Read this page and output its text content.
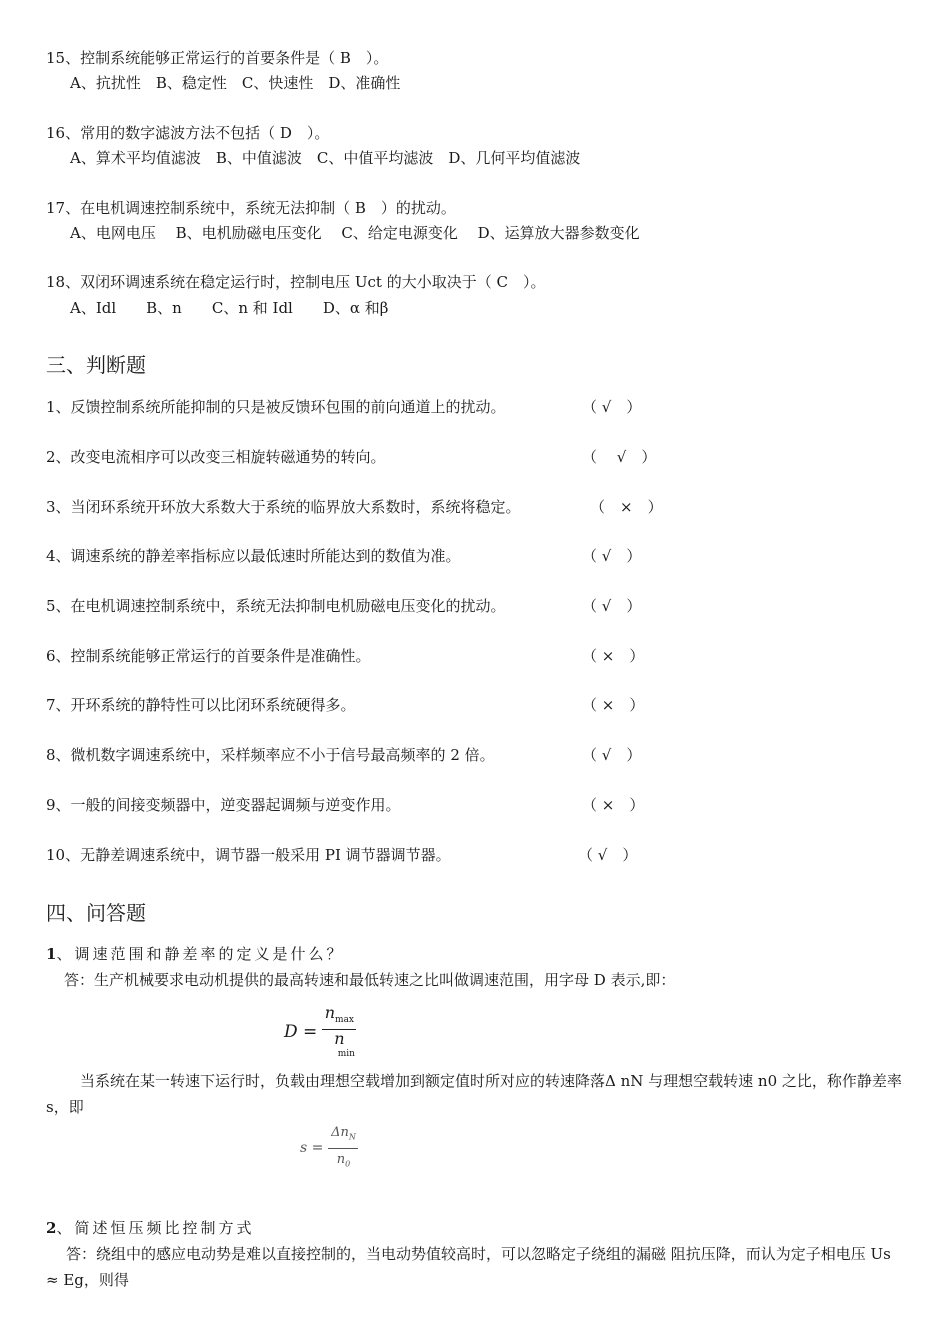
15、控制系统能够正常运行的首要条件是（ B　）。
A、抗扰性　B、稳定性　C、快速性　D、准确性
16、常用的数字滤波方法不包括（ D　）。
A、算术平均值滤波　B、中值滤波　C、中值平均滤波　D、几何平均值滤波
17、在电机调速控制系统中，系统无法抑制（ B　）的扰动。
A、电网电压　 B、电机励磁电压变化　 C、给定电源变化　 D、运算放大器参数变化
18、双闭环调速系统在稳定运行时，控制电压 Uct 的大小取决于（ C　）。
A、Idl　　B、n　　C、n 和 Idl　　D、α 和β
三、判断题
1、反馈控制系统所能抑制的只是被反馈环包围的前向通道上的扰动。	（ √　）
2、改变电流相序可以改变三相旋转磁通势的转向。	（　 √　）
3、当闭环系统开环放大系数大于系统的临界放大系数时，系统将稳定。	（　×　）
4、调速系统的静差率指标应以最低速时所能达到的数值为准。	（ √　）
5、在电机调速控制系统中，系统无法抑制电机励磁电压变化的扰动。	（ √　）
6、控制系统能够正常运行的首要条件是准确性。	（ ×　）
7、开环系统的静特性可以比闭环系统硬得多。	（ ×　）
8、微机数字调速系统中，采样频率应不小于信号最高频率的 2 倍。	（ √　）
9、一般的间接变频器中，逆变器起调频与逆变作用。	（ ×　）
10、无静差调速系统中，调节器一般采用 PI 调节器调节器。	（ √　）
四、问答题
1、调速范围和静差率的定义是什么？
答：生产机械要求电动机提供的最高转速和最低转速之比叫做调速范围，用字母 D 表示,即：
D =
$n_{max}$
n
min
当系统在某一转速下运行时，负载由理想空载增加到额定值时所对应的转速降落Δ nN 与理想空载转速 n0 之比，称作静差率 s，即
$s = \frac{\Delta n_N}{n_0}$
2、简述恒压频比控制方式
答：绕组中的感应电动势是难以直接控制的，当电动势值较高时，可以忽略定子绕组的漏磁 阻抗压降，而认为定子相电压 Us ≈ Eg，则得
